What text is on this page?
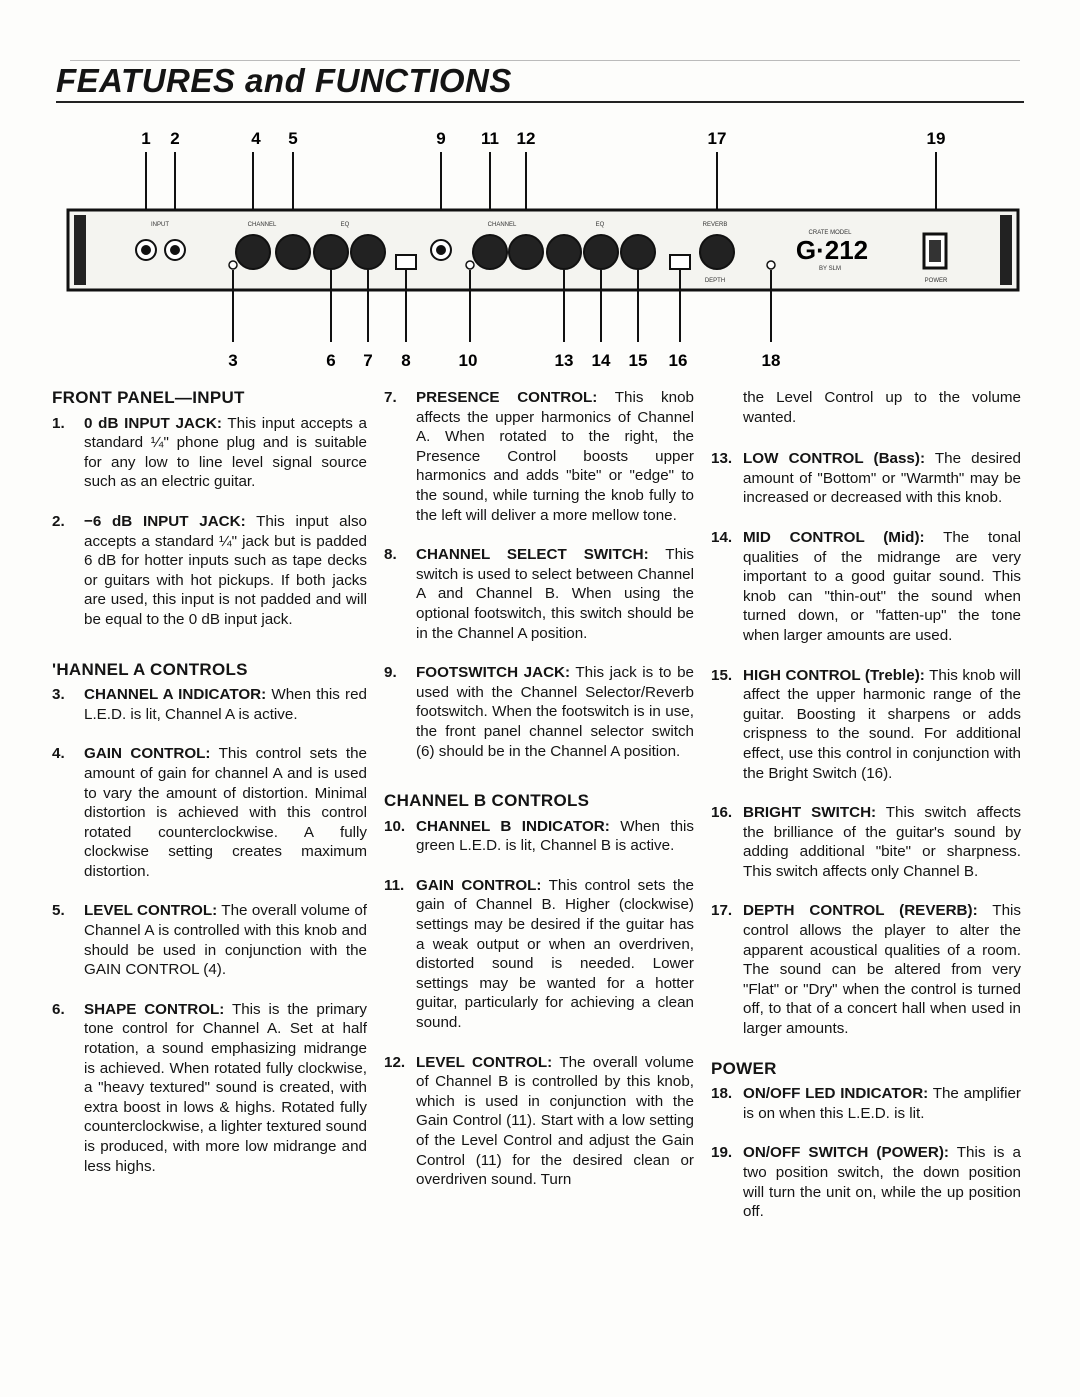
FEATURES and FUNCTIONS
1 2	4 5	9 11 12	17	19
INPUT	CHANNEL	EQ	CHANNEL	EQ	REVERB
DEPTH
CRATE MODEL
G·212
BY SLM
POWER
3	6 7 8	10	13 14 15 16	18
FRONT PANEL—INPUT
1.	0 dB INPUT JACK: This input accepts a standard ¼" phone plug and is suitable for any low to line level signal source such as an electric guitar.
2.	−6 dB INPUT JACK: This input also accepts a standard ¼" jack but is padded 6 dB for hotter inputs such as tape decks or guitars with hot pickups. If both jacks are used, this input is not padded and will be equal to the 0 dB input jack.
'HANNEL A CONTROLS
3.	CHANNEL A INDICATOR: When this red L.E.D. is lit, Channel A is active.
4.	GAIN CONTROL: This control sets the amount of gain for channel A and is used to vary the amount of distortion. Minimal distortion is achieved with this control rotated counterclockwise. A fully clockwise setting creates maximum distortion.
5.	LEVEL CONTROL: The overall volume of Channel A is controlled with this knob and should be used in conjunction with the GAIN CONTROL (4).
6.	SHAPE CONTROL: This is the primary tone control for Channel A. Set at half rotation, a sound emphasizing midrange is achieved. When rotated fully clockwise, a "heavy textured" sound is created, with extra boost in lows & highs. Rotated fully counterclockwise, a lighter textured sound is produced, with more low midrange and less highs.
7.	PRESENCE CONTROL: This knob affects the upper harmonics of Channel A. When rotated to the right, the Presence Control boosts upper harmonics and adds "bite" or "edge" to the sound, while turning the knob fully to the left will deliver a more mellow tone.
8.	CHANNEL SELECT SWITCH: This switch is used to select between Channel A and Channel B. When using the optional footswitch, this switch should be in the Channel A position.
9.	FOOTSWITCH JACK: This jack is to be used with the Channel Selector/Reverb footswitch. When the footswitch is in use, the front panel channel selector switch (6) should be in the Channel A position.
CHANNEL B CONTROLS
10. CHANNEL B INDICATOR: When this green L.E.D. is lit, Channel B is active.
11. GAIN CONTROL: This control sets the gain of Channel B. Higher (clockwise) settings may be desired if the guitar has a weak output or when an overdriven, distorted sound is needed. Lower settings may be wanted for a hotter guitar, particularly for achieving a clean sound.
12. LEVEL CONTROL: The overall volume of Channel B is controlled by this knob, which is used in conjunction with the Gain Control (11). Start with a low setting of the Level Control and adjust the Gain Control (11) for the desired clean or overdriven sound. Turn
the Level Control up to the volume wanted.
13. LOW CONTROL (Bass): The desired amount of "Bottom" or "Warmth" may be increased or decreased with this knob.
14. MID CONTROL (Mid): The tonal qualities of the midrange are very important to a good guitar sound. This knob can "thin-out" the sound when turned down, or "fatten-up" the tone when larger amounts are used.
15. HIGH CONTROL (Treble): This knob will affect the upper harmonic range of the guitar. Boosting it sharpens or adds crispness to the sound. For additional effect, use this control in conjunction with the Bright Switch (16).
16. BRIGHT SWITCH: This switch affects the brilliance of the guitar's sound by adding additional "bite" or sharpness. This switch affects only Channel B.
17. DEPTH CONTROL (REVERB): This control allows the player to alter the apparent acoustical qualities of a room. The sound can be altered from very "Flat" or "Dry" when the control is turned off, to that of a concert hall when used in larger amounts.
POWER
18. ON/OFF LED INDICATOR: The amplifier is on when this L.E.D. is lit.
19. ON/OFF SWITCH (POWER): This is a two position switch, the down position will turn the unit on, while the up position off.
